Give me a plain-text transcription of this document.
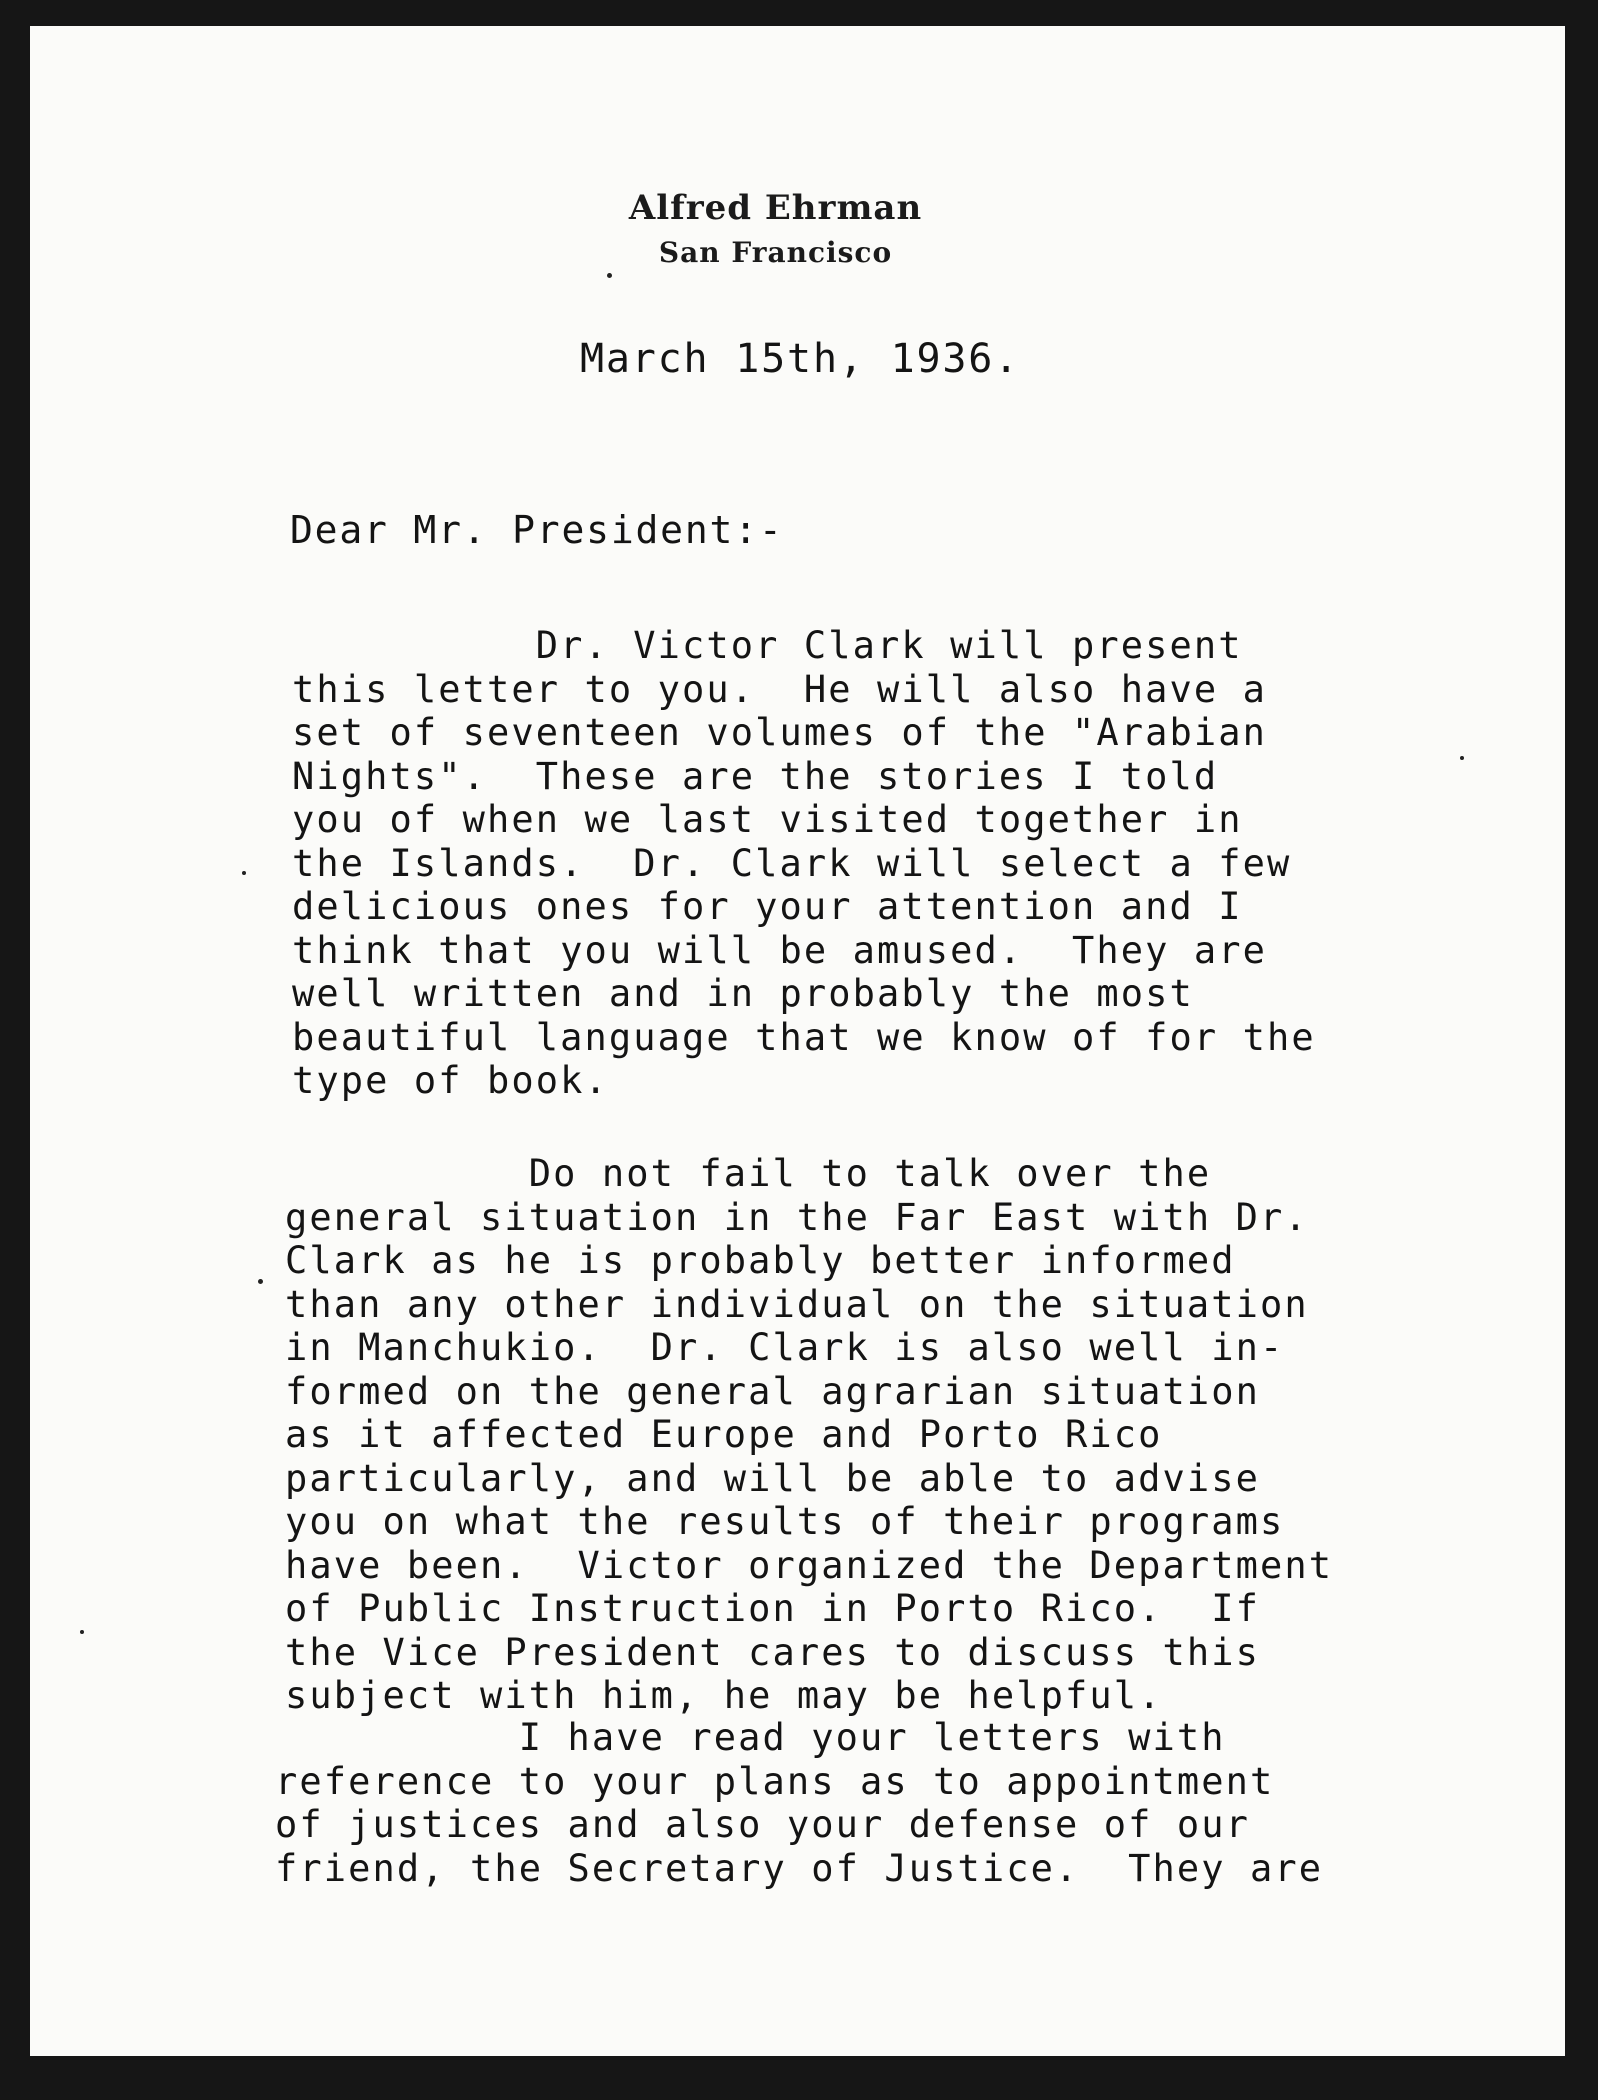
Alfred Ehrman
San Francisco
March 15th, 1936.
Dear Mr. President:-
Dr. Victor Clark will present
this letter to you.  He will also have a
set of seventeen volumes of the "Arabian
Nights".  These are the stories I told
you of when we last visited together in
the Islands.  Dr. Clark will select a few
delicious ones for your attention and I
think that you will be amused.  They are
well written and in probably the most
beautiful language that we know of for the
type of book.
Do not fail to talk over the
general situation in the Far East with Dr.
Clark as he is probably better informed
than any other individual on the situation
in Manchukio.  Dr. Clark is also well in-
formed on the general agrarian situation
as it affected Europe and Porto Rico
particularly, and will be able to advise
you on what the results of their programs
have been.  Victor organized the Department
of Public Instruction in Porto Rico.  If
the Vice President cares to discuss this
subject with him, he may be helpful.
I have read your letters with
reference to your plans as to appointment
of justices and also your defense of our
friend, the Secretary of Justice.  They are
